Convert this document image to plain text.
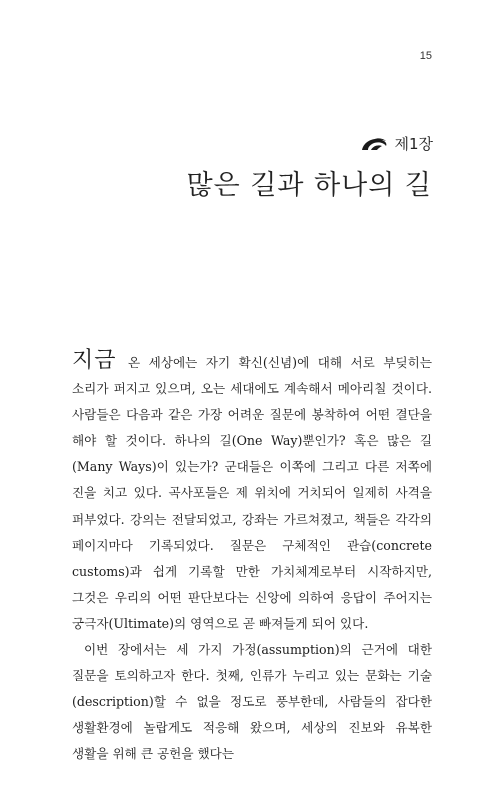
15
제1장
많은 길과 하나의 길

지금 온 세상에는 자기 확신(신념)에 대해 서로 부딪히는 소리가 퍼지고 있으며, 오는 세대에도 계속해서 메아리칠 것이다. 사람들은 다음과 같은 가장 어려운 질문에 봉착하여 어떤 결단을 해야 할 것이다. 하나의 길(One Way)뿐인가? 혹은 많은 길(Many Ways)이 있는가? 군대들은 이쪽에 그리고 다른 저쪽에 진을 치고 있다. 곡사포들은 제 위치에 거치되어 일제히 사격을 퍼부었다. 강의는 전달되었고, 강좌는 가르쳐졌고, 책들은 각각의 페이지마다 기록되었다. 질문은 구체적인 관습(concrete customs)과 쉽게 기록할 만한 가치체계로부터 시작하지만, 그것은 우리의 어떤 판단보다는 신앙에 의하여 응답이 주어지는 궁극자(Ultimate)의 영역으로 곧 빠져들게 되어 있다.

이번 장에서는 세 가지 가정(assumption)의 근거에 대한 질문을 토의하고자 한다. 첫째, 인류가 누리고 있는 문화는 기술(description)할 수 없을 정도로 풍부한데, 사람들의 잡다한 생활환경에 놀랍게도 적응해 왔으며, 세상의 진보와 유복한 생활을 위해 큰 공헌을 했다는
